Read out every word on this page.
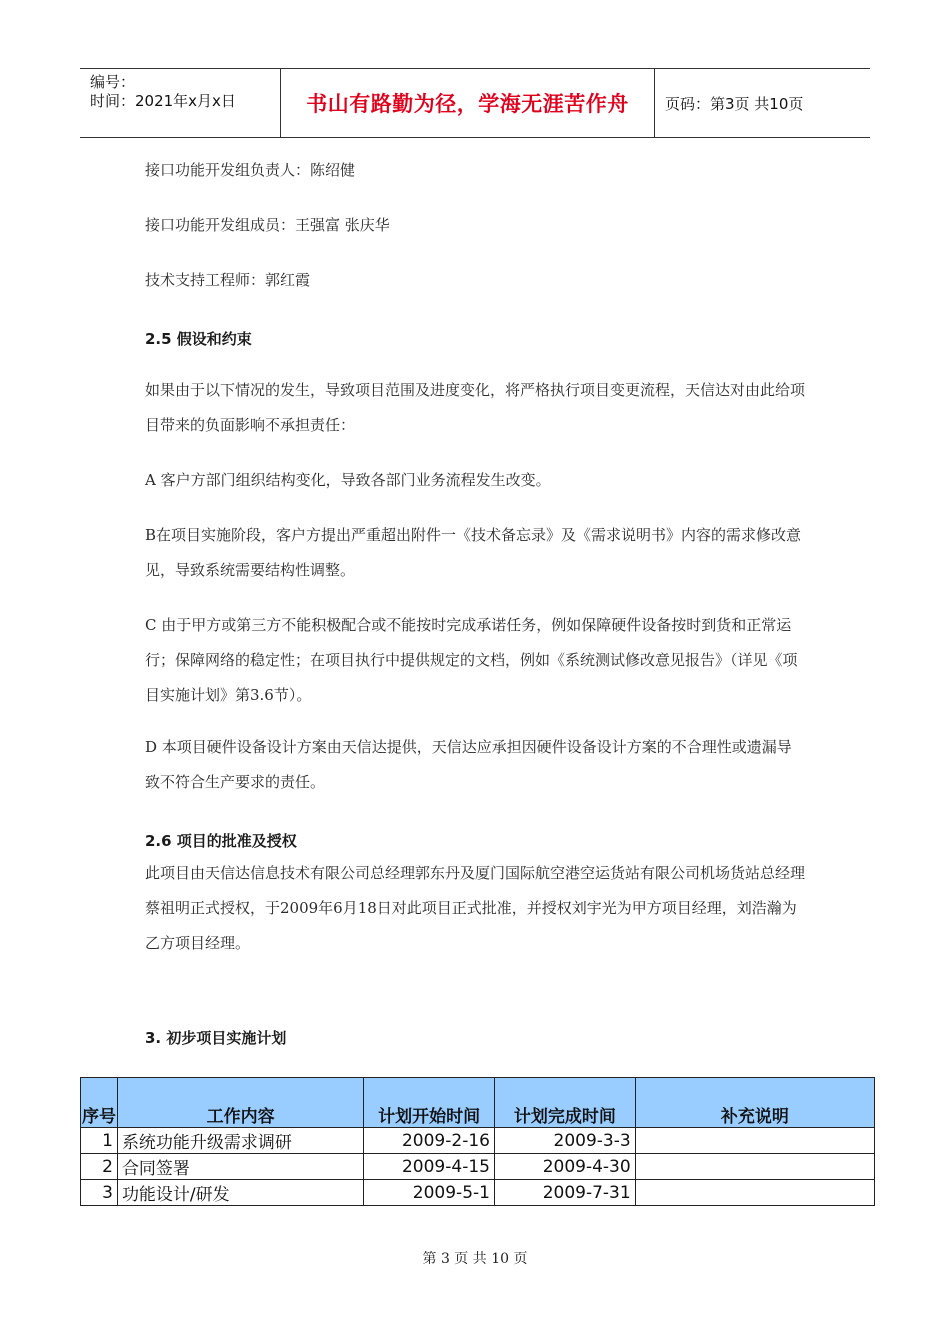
编号：
时间：2021年x月x日	书山有路勤为径，学海无涯苦作舟	页码：第3页 共10页

接口功能开发组负责人：陈绍健

接口功能开发组成员：王强富 张庆华

技术支持工程师：郭红霞

2.5 假设和约束

如果由于以下情况的发生，导致项目范围及进度变化，将严格执行项目变更流程，天信达对由此给项目带来的负面影响不承担责任：

A 客户方部门组织结构变化，导致各部门业务流程发生改变。

B在项目实施阶段，客户方提出严重超出附件一《技术备忘录》及《需求说明书》内容的需求修改意见，导致系统需要结构性调整。

C 由于甲方或第三方不能积极配合或不能按时完成承诺任务，例如保障硬件设备按时到货和正常运行；保障网络的稳定性；在项目执行中提供规定的文档，例如《系统测试修改意见报告》（详见《项目实施计划》第3.6节）。

D 本项目硬件设备设计方案由天信达提供，天信达应承担因硬件设备设计方案的不合理性或遗漏导致不符合生产要求的责任。

2.6 项目的批准及授权

此项目由天信达信息技术有限公司总经理郭东丹及厦门国际航空港空运货站有限公司机场货站总经理蔡祖明正式授权，于2009年6月18日对此项目正式批准，并授权刘宇光为甲方项目经理，刘浩瀚为乙方项目经理。

3. 初步项目实施计划

序号	工作内容	计划开始时间	计划完成时间	补充说明
1	系统功能升级需求调研	2009-2-16	2009-3-3	
2	合同签署	2009-4-15	2009-4-30	
3	功能设计/研发	2009-5-1	2009-7-31	
第 3 页 共 10 页
